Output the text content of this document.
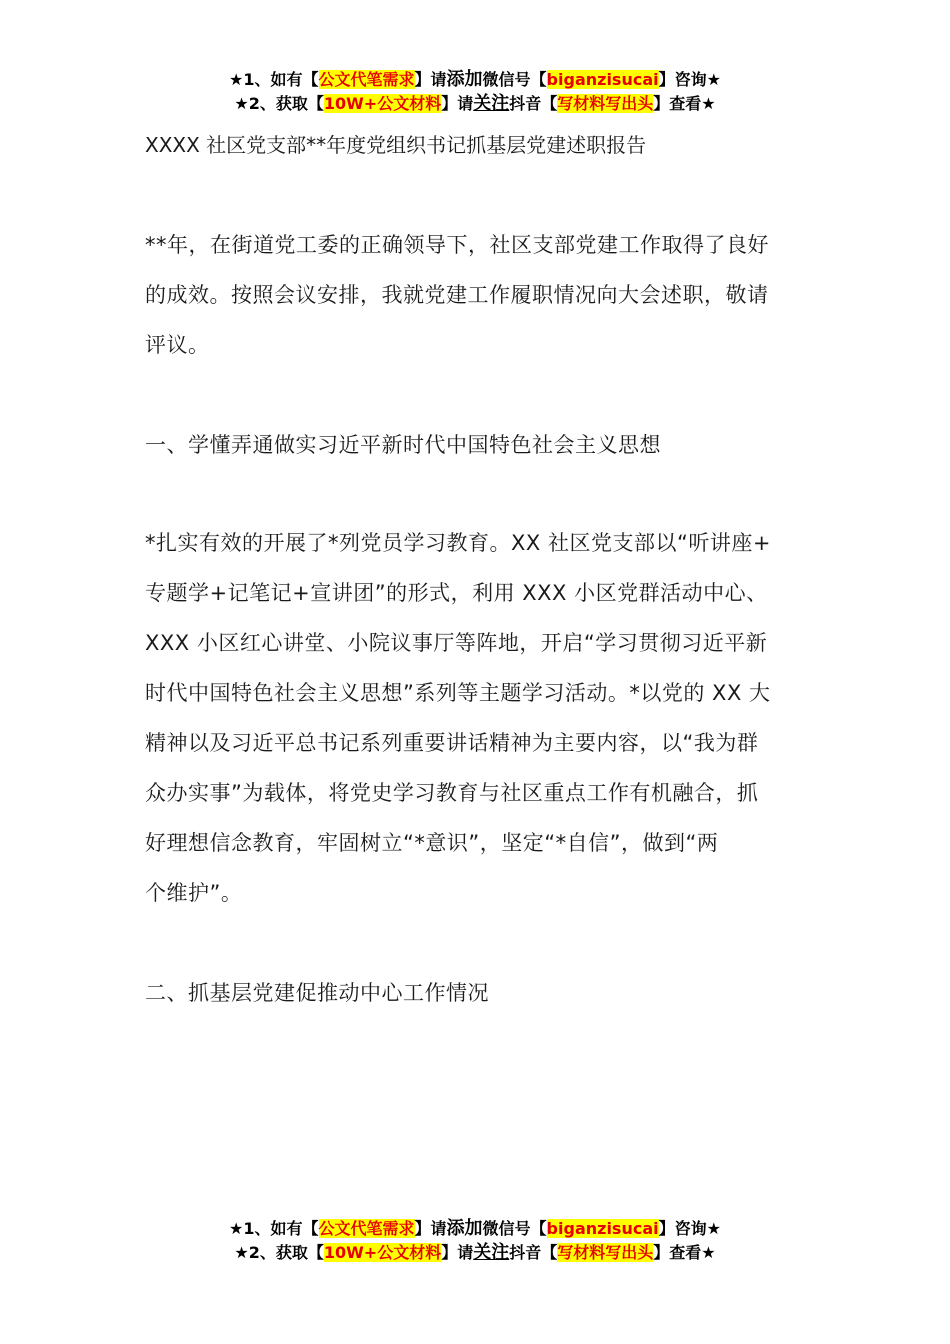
★1、如有【公文代笔需求】请添加微信号【biganzisucai】咨询★
★2、获取【10W+公文材料】请关注抖音【写材料写出头】查看★
XXXX 社区党支部**年度党组织书记抓基层党建述职报告
**年，在街道党工委的正确领导下，社区支部党建工作取得了良好
的成效。按照会议安排，我就党建工作履职情况向大会述职，敬请
评议。
一、学懂弄通做实习近平新时代中国特色社会主义思想
*扎实有效的开展了*列党员学习教育。XX 社区党支部以“听讲座+
专题学+记笔记+宣讲团”的形式，利用 XXX 小区党群活动中心、
XXX 小区红心讲堂、小院议事厅等阵地，开启“学习贯彻习近平新
时代中国特色社会主义思想”系列等主题学习活动。*以党的 XX 大
精神以及习近平总书记系列重要讲话精神为主要内容，以“我为群
众办实事”为载体，将党史学习教育与社区重点工作有机融合，抓
好理想信念教育，牢固树立“*意识”，坚定“*自信”，做到“两
个维护”。
二、抓基层党建促推动中心工作情况
★1、如有【公文代笔需求】请添加微信号【biganzisucai】咨询★
★2、获取【10W+公文材料】请关注抖音【写材料写出头】查看★
